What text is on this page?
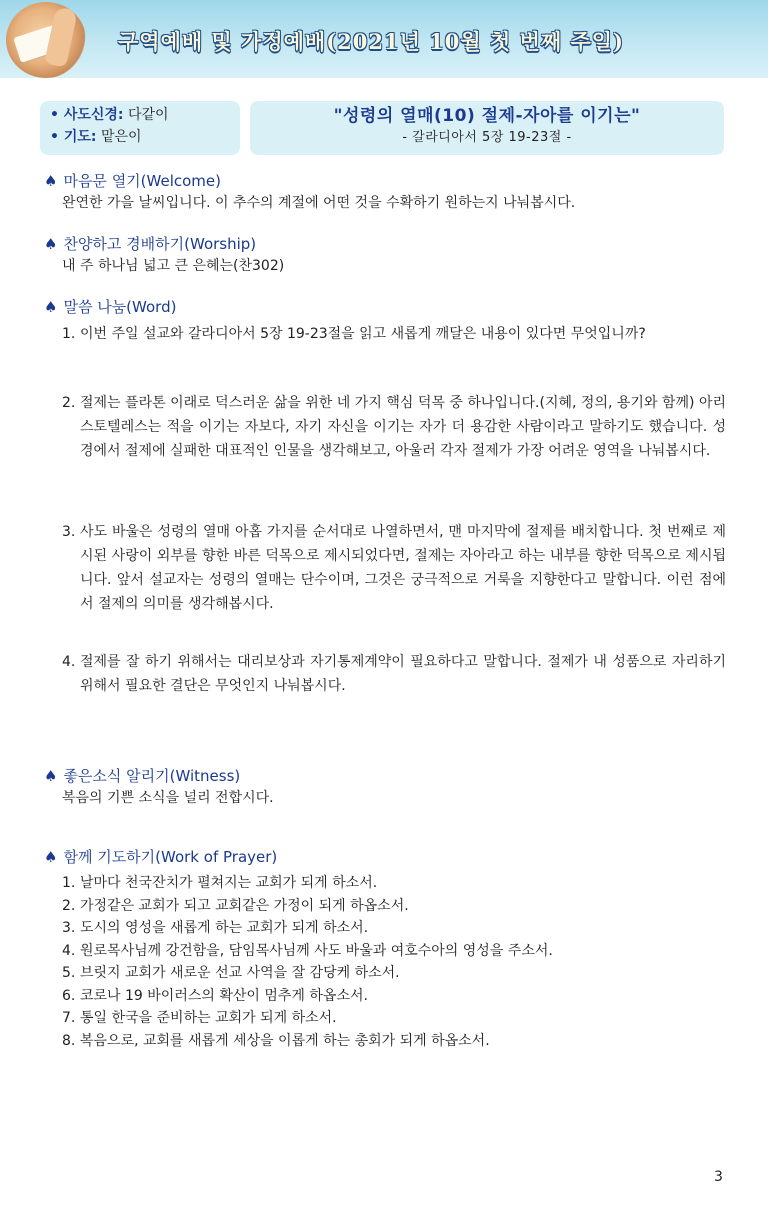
구역예배 및 가정예배(2021년 10월 첫 번째 주일)
• 사도신경: 다같이
• 기도: 맡은이
"성령의 열매(10) 절제-자아를 이기는"
- 갈라디아서 5장 19-23절 -
♠ 마음문 열기(Welcome)
완연한 가을 날씨입니다. 이 추수의 계절에 어떤 것을 수확하기 원하는지 나눠봅시다.
♠ 찬양하고 경배하기(Worship)
내 주 하나님 넓고 큰 은혜는(찬302)
♠ 말씀 나눔(Word)
1. 이번 주일 설교와 갈라디아서 5장 19-23절을 읽고 새롭게 깨달은 내용이 있다면 무엇입니까?
2. 절제는 플라톤 이래로 덕스러운 삶을 위한 네 가지 핵심 덕목 중 하나입니다.(지혜, 정의, 용기와 함께) 아리스토텔레스는 적을 이기는 자보다, 자기 자신을 이기는 자가 더 용감한 사람이라고 말하기도 했습니다. 성경에서 절제에 실패한 대표적인 인물을 생각해보고, 아울러 각자 절제가 가장 어려운 영역을 나눠봅시다.
3. 사도 바울은 성령의 열매 아홉 가지를 순서대로 나열하면서, 맨 마지막에 절제를 배치합니다. 첫 번째로 제시된 사랑이 외부를 향한 바른 덕목으로 제시되었다면, 절제는 자아라고 하는 내부를 향한 덕목으로 제시됩니다. 앞서 설교자는 성령의 열매는 단수이며, 그것은 궁극적으로 거룩을 지향한다고 말합니다. 이런 점에서 절제의 의미를 생각해봅시다.
4. 절제를 잘 하기 위해서는 대리보상과 자기통제계약이 필요하다고 말합니다. 절제가 내 성품으로 자리하기 위해서 필요한 결단은 무엇인지 나눠봅시다.
♠ 좋은소식 알리기(Witness)
복음의 기쁜 소식을 널리 전합시다.
♠ 함께 기도하기(Work of Prayer)
1. 날마다 천국잔치가 펼쳐지는 교회가 되게 하소서.
2. 가정같은 교회가 되고 교회같은 가정이 되게 하옵소서.
3. 도시의 영성을 새롭게 하는 교회가 되게 하소서.
4. 원로목사님께 강건함을, 담임목사님께 사도 바울과 여호수아의 영성을 주소서.
5. 브릿지 교회가 새로운 선교 사역을 잘 감당케 하소서.
6. 코로나 19 바이러스의 확산이 멈추게 하옵소서.
7. 통일 한국을 준비하는 교회가 되게 하소서.
8. 복음으로, 교회를 새롭게 세상을 이롭게 하는 총회가 되게 하옵소서.
3
